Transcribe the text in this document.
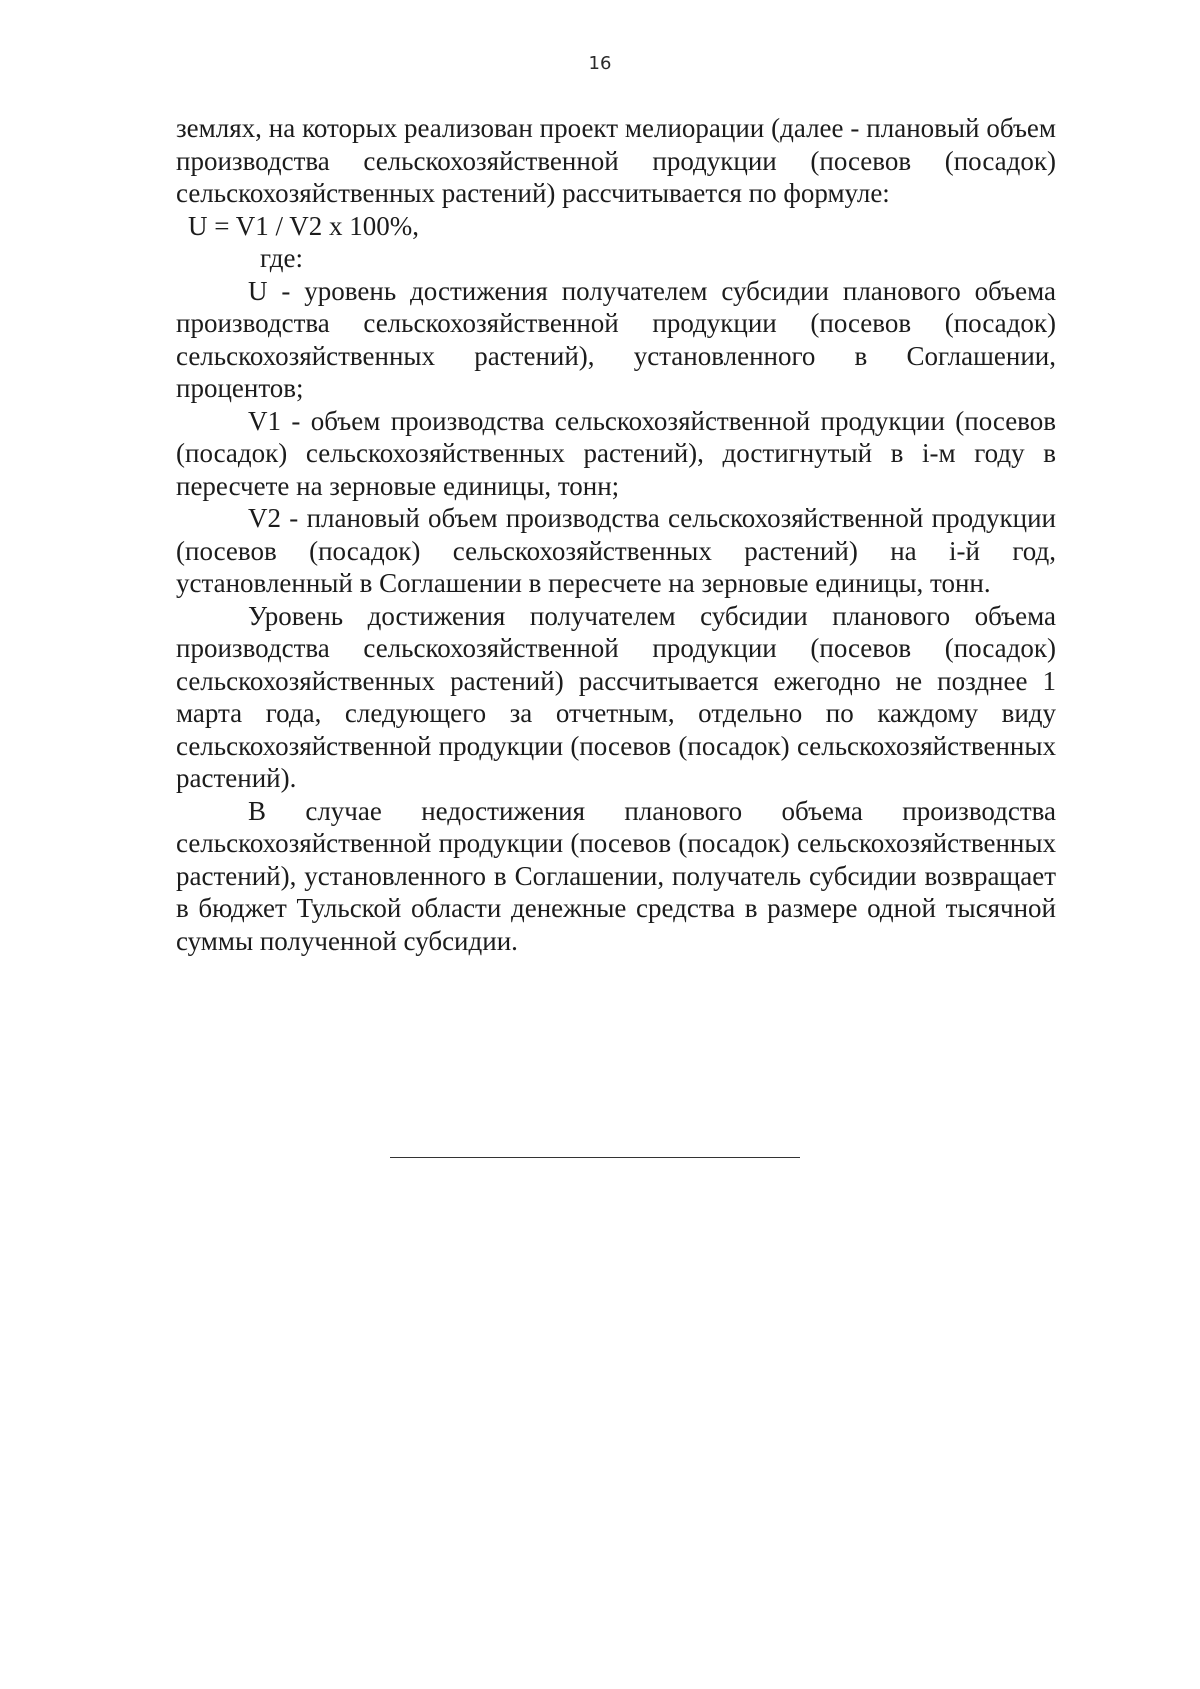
16

землях, на которых реализован проект мелиорации (далее - плановый объем производства сельскохозяйственной продукции (посевов (посадок) сельскохозяйственных растений) рассчитывается по формуле:

U = V1 / V2 x 100%,

где:

U - уровень достижения получателем субсидии планового объема производства сельскохозяйственной продукции (посевов (посадок) сельскохозяйственных растений), установленного в Соглашении, процентов;

V1 - объем производства сельскохозяйственной продукции (посевов (посадок) сельскохозяйственных растений), достигнутый в i-м году в пересчете на зерновые единицы, тонн;

V2 - плановый объем производства сельскохозяйственной продукции (посевов (посадок) сельскохозяйственных растений) на i-й год, установленный в Соглашении в пересчете на зерновые единицы, тонн.

Уровень достижения получателем субсидии планового объема производства сельскохозяйственной продукции (посевов (посадок) сельскохозяйственных растений) рассчитывается ежегодно не позднее 1 марта года, следующего за отчетным, отдельно по каждому виду сельскохозяйственной продукции (посевов (посадок) сельскохозяйственных растений).

В случае недостижения планового объема производства сельскохозяйственной продукции (посевов (посадок) сельскохозяйственных растений), установленного в Соглашении, получатель субсидии возвращает в бюджет Тульской области денежные средства в размере одной тысячной суммы полученной субсидии.
